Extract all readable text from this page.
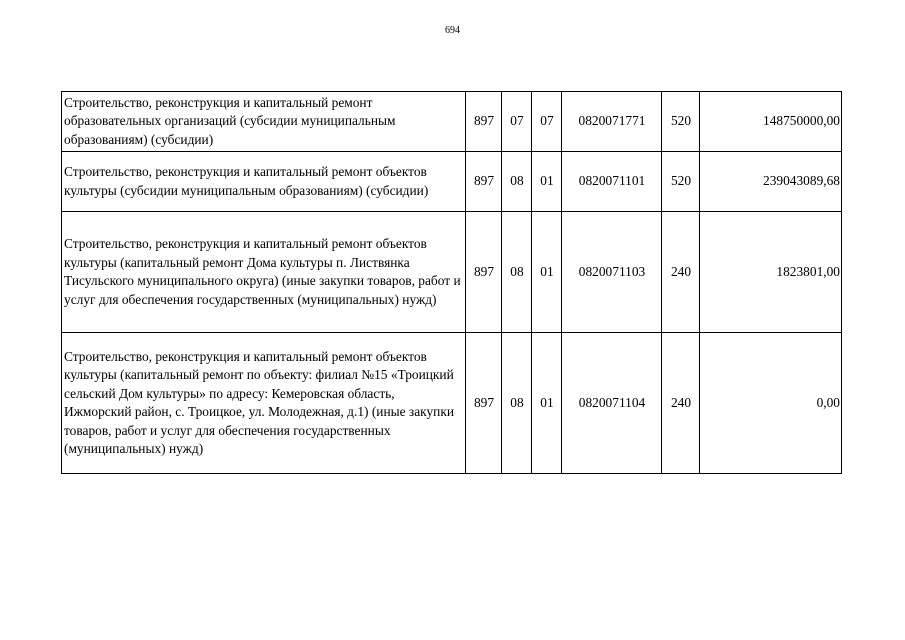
694
Строительство, реконструкция и капитальный ремонт образовательных организаций (субсидии муниципальным образованиям) (субсидии)	897	07	07	0820071771	520	148750000,00
Строительство, реконструкция и капитальный ремонт объектов культуры (субсидии муниципальным образованиям) (субсидии)	897	08	01	0820071101	520	239043089,68
Строительство, реконструкция и капитальный ремонт объектов культуры (капитальный ремонт Дома культуры п. Листвянка Тисульского муниципального округа) (иные закупки товаров, работ и услуг для обеспечения государственных (муниципальных) нужд)	897	08	01	0820071103	240	1823801,00
Строительство, реконструкция и капитальный ремонт объектов культуры (капитальный ремонт по объекту: филиал №15 «Троицкий сельский Дом культуры» по адресу: Кемеровская область, Ижморский район, с. Троицкое, ул. Молодежная, д.1) (иные закупки товаров, работ и услуг для обеспечения государственных (муниципальных) нужд)	897	08	01	0820071104	240	0,00
